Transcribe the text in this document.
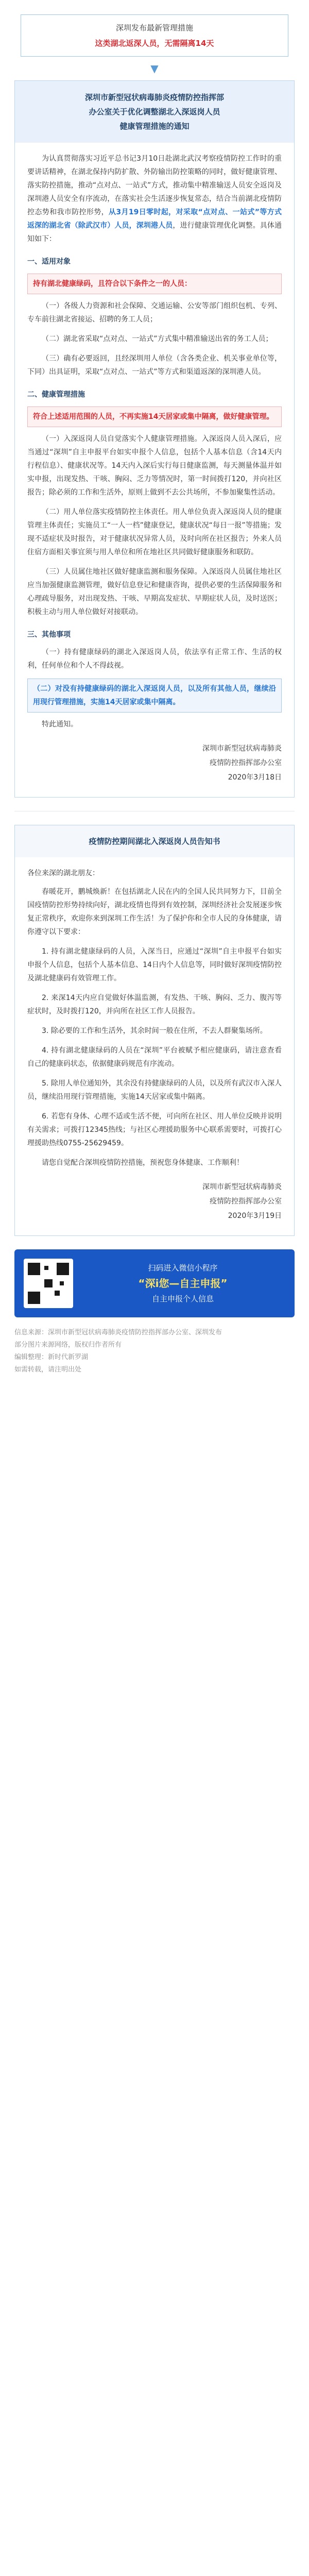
深圳发布最新管理措施
这类湖北返深人员，无需隔离14天
▼
深圳市新型冠状病毒肺炎疫情防控指挥部
办公室关于优化调整湖北入深返岗人员
健康管理措施的通知

为认真贯彻落实习近平总书记3月10日赴湖北武汉考察疫情防控工作时的重要讲话精神，在湖北保持内防扩散、外防输出防控策略的同时，做好健康管理、落实防控措施，推动“点对点、一站式”方式，推动集中精准输送人员安全返岗及深圳港人员安全有序流动，在落实社会生活逐步恢复常态，结合当前湖北疫情防控态势和我市防控形势，从3月19日零时起，对采取“点对点、一站式”等方式返深的湖北省（除武汉市）人员，深圳港人员，进行健康管理优化调整。具体通知如下：

一、适用对象
持有湖北健康绿码，且符合以下条件之一的人员：

（一）各级人力资源和社会保障、交通运输、公安等部门组织包机、专列、专车前往湖北省接运、招聘的务工人员；

（二）湖北省采取“点对点、一站式”方式集中精准输送出省的务工人员；

（三）确有必要返回，且经深圳用人单位（含各类企业、机关事业单位等，下同）出具证明，采取“点对点、一站式”等方式和渠道返深的深圳港人员。

二、健康管理措施
符合上述适用范围的人员，不再实施14天居家或集中隔离，做好健康管理。

（一）入深返岗人员自觉落实个人健康管理措施。入深返岗人员入深后，应当通过“深圳”自主申报平台如实申报个人信息，包括个人基本信息（含14天内行程信息）、健康状况等。14天内入深后实行每日健康监测，每天测量体温并如实申报，出现发热、干咳、胸闷、乏力等情况时，第一时间拨打120，并向社区报告；除必须的工作和生活外，原则上做到不去公共场所，不参加聚集性活动。

（二）用人单位落实疫情防控主体责任。用人单位负责入深返岗人员的健康管理主体责任；实施员工“一人一档”健康登记，健康状况“每日一报”等措施；发现不适症状及时报告，对于健康状况异常人员，及时向所在社区报告；外来人员住宿方面相关事宜须与用人单位和所在地社区共同做好健康服务和联防。

（三）人员属住地社区做好健康监测和服务保障。入深返岗人员属住地社区应当加强健康监测管理，做好信息登记和健康咨询，提供必要的生活保障服务和心理疏导服务，对出现发热、干咳、早期高发症状、早期症状人员，及时送医；积极主动与用人单位做好对接联动。

三、其他事项

（一）持有健康绿码的湖北入深返岗人员，依法享有正常工作、生活的权利，任何单位和个人不得歧视。

（二）对没有持健康绿码的湖北入深返岗人员，以及所有其他人员，继续沿用现行管理措施，实施14天居家或集中隔离。

特此通知。

深圳市新型冠状病毒肺炎
疫情防控指挥部办公室
2020年3月18日
疫情防控期间湖北入深返岗人员告知书

各位来深的湖北朋友：

春暖花开，鹏城焕新！在包括湖北人民在内的全国人民共同努力下，目前全国疫情防控形势持续向好，湖北疫情也得到有效控制，深圳经济社会发展逐步恢复正常秩序，欢迎你来到深圳工作生活！为了保护你和全市人民的身体健康，请你遵守以下要求：

1. 持有湖北健康绿码的人员，入深当日，应通过“深圳”自主申报平台如实申报个人信息，包括个人基本信息、14日内个人信息等，同时做好深圳疫情防控及湖北健康码有效管理工作。

2. 来深14天内应自觉做好体温监测，有发热、干咳、胸闷、乏力、腹泻等症状时，及时拨打120，并向所在社区工作人员报告。

3. 除必要的工作和生活外，其余时间一般在住所，不去人群聚集场所。

4. 持有湖北健康绿码的人员在“深圳”平台被赋予相应健康码，请注意查看自己的健康码状态，依据健康码规范有序流动。

5. 除用人单位通知外，其余没有持健康绿码的人员，以及所有武汉市入深人员，继续沿用现行管理措施，实施14天居家或集中隔离。

6. 若您有身体、心理不适或生活不便，可向所在社区、用人单位反映并说明有关需求；可拨打12345热线；与社区心理援助服务中心联系需要时，可拨打心理援助热线0755-25629459。

请您自觉配合深圳疫情防控措施，预祝您身体健康、工作顺利！

深圳市新型冠状病毒肺炎
疫情防控指挥部办公室
2020年3月19日
扫码进入微信小程序
“深i您—自主申报”
自主申报个人信息
信息来源：深圳市新型冠状病毒肺炎疫情防控指挥部办公室、深圳发布
部分图片来源网络，版权归作者所有
编辑整理：新时代新罗湖
如需转载，请注明出处
